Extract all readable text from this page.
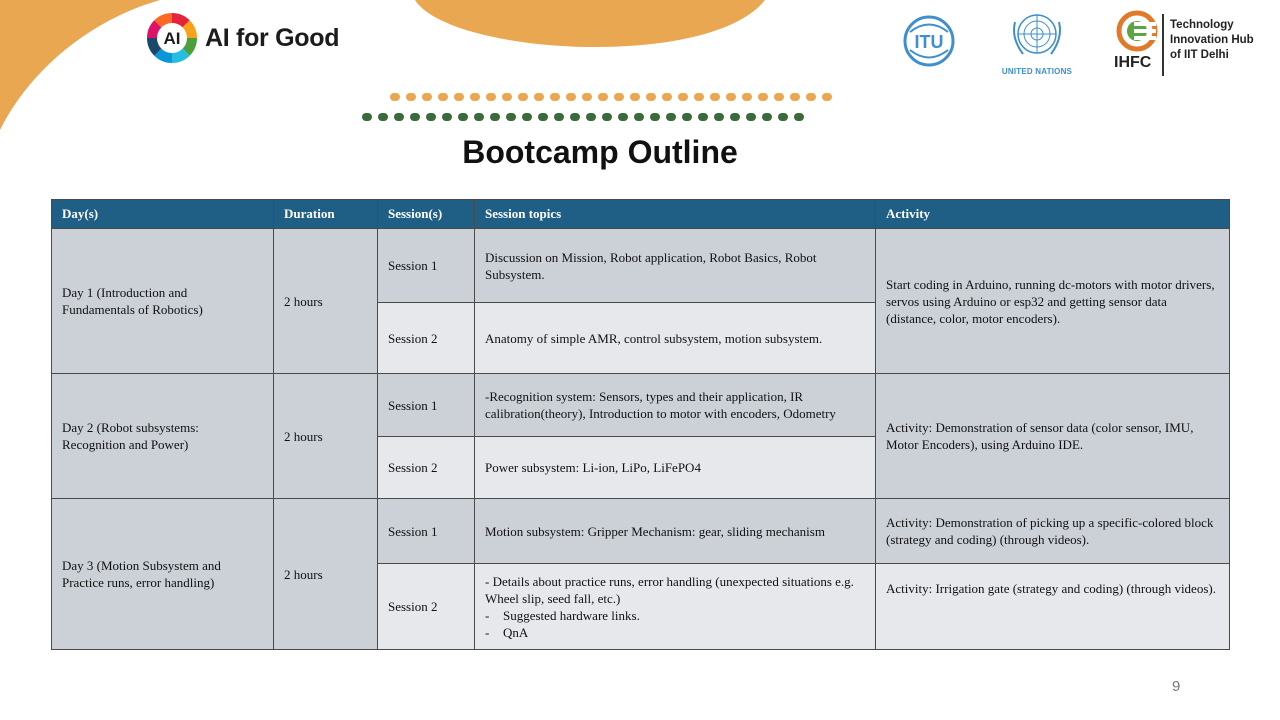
AI AI for Good	ITU
UNITED NATIONS
IHFC
Technology
Innovation Hub
of IIT Delhi
Bootcamp Outline
Day(s)	Duration	Session(s)	Session topics	Activity
Day 1 (Introduction and Fundamentals of Robotics)	2 hours	Session 1	Discussion on Mission, Robot application, Robot Basics, Robot Subsystem.	Start coding in Arduino, running dc-motors with motor drivers, servos using Arduino or esp32 and getting sensor data (distance, color, motor encoders).
		Session 2	Anatomy of simple AMR, control subsystem, motion subsystem.	
Day 2 (Robot subsystems: Recognition and Power)	2 hours	Session 1	-Recognition system: Sensors, types and their application, IR calibration(theory), Introduction to motor with encoders, Odometry	Activity: Demonstration of sensor data (color sensor, IMU, Motor Encoders), using Arduino IDE.
		Session 2	Power subsystem: Li-ion, LiPo, LiFePO4	
Day 3 (Motion Subsystem and Practice runs, error handling)	2 hours	Session 1	Motion subsystem: Gripper Mechanism: gear, sliding mechanism	Activity: Demonstration of picking up a specific-colored block (strategy and coding) (through videos).
		Session 2	- Details about practice runs, error handling (unexpected situations e.g. Wheel slip, seed fall, etc.)
- Suggested hardware links.
- QnA	Activity: Irrigation gate (strategy and coding) (through videos).
9
